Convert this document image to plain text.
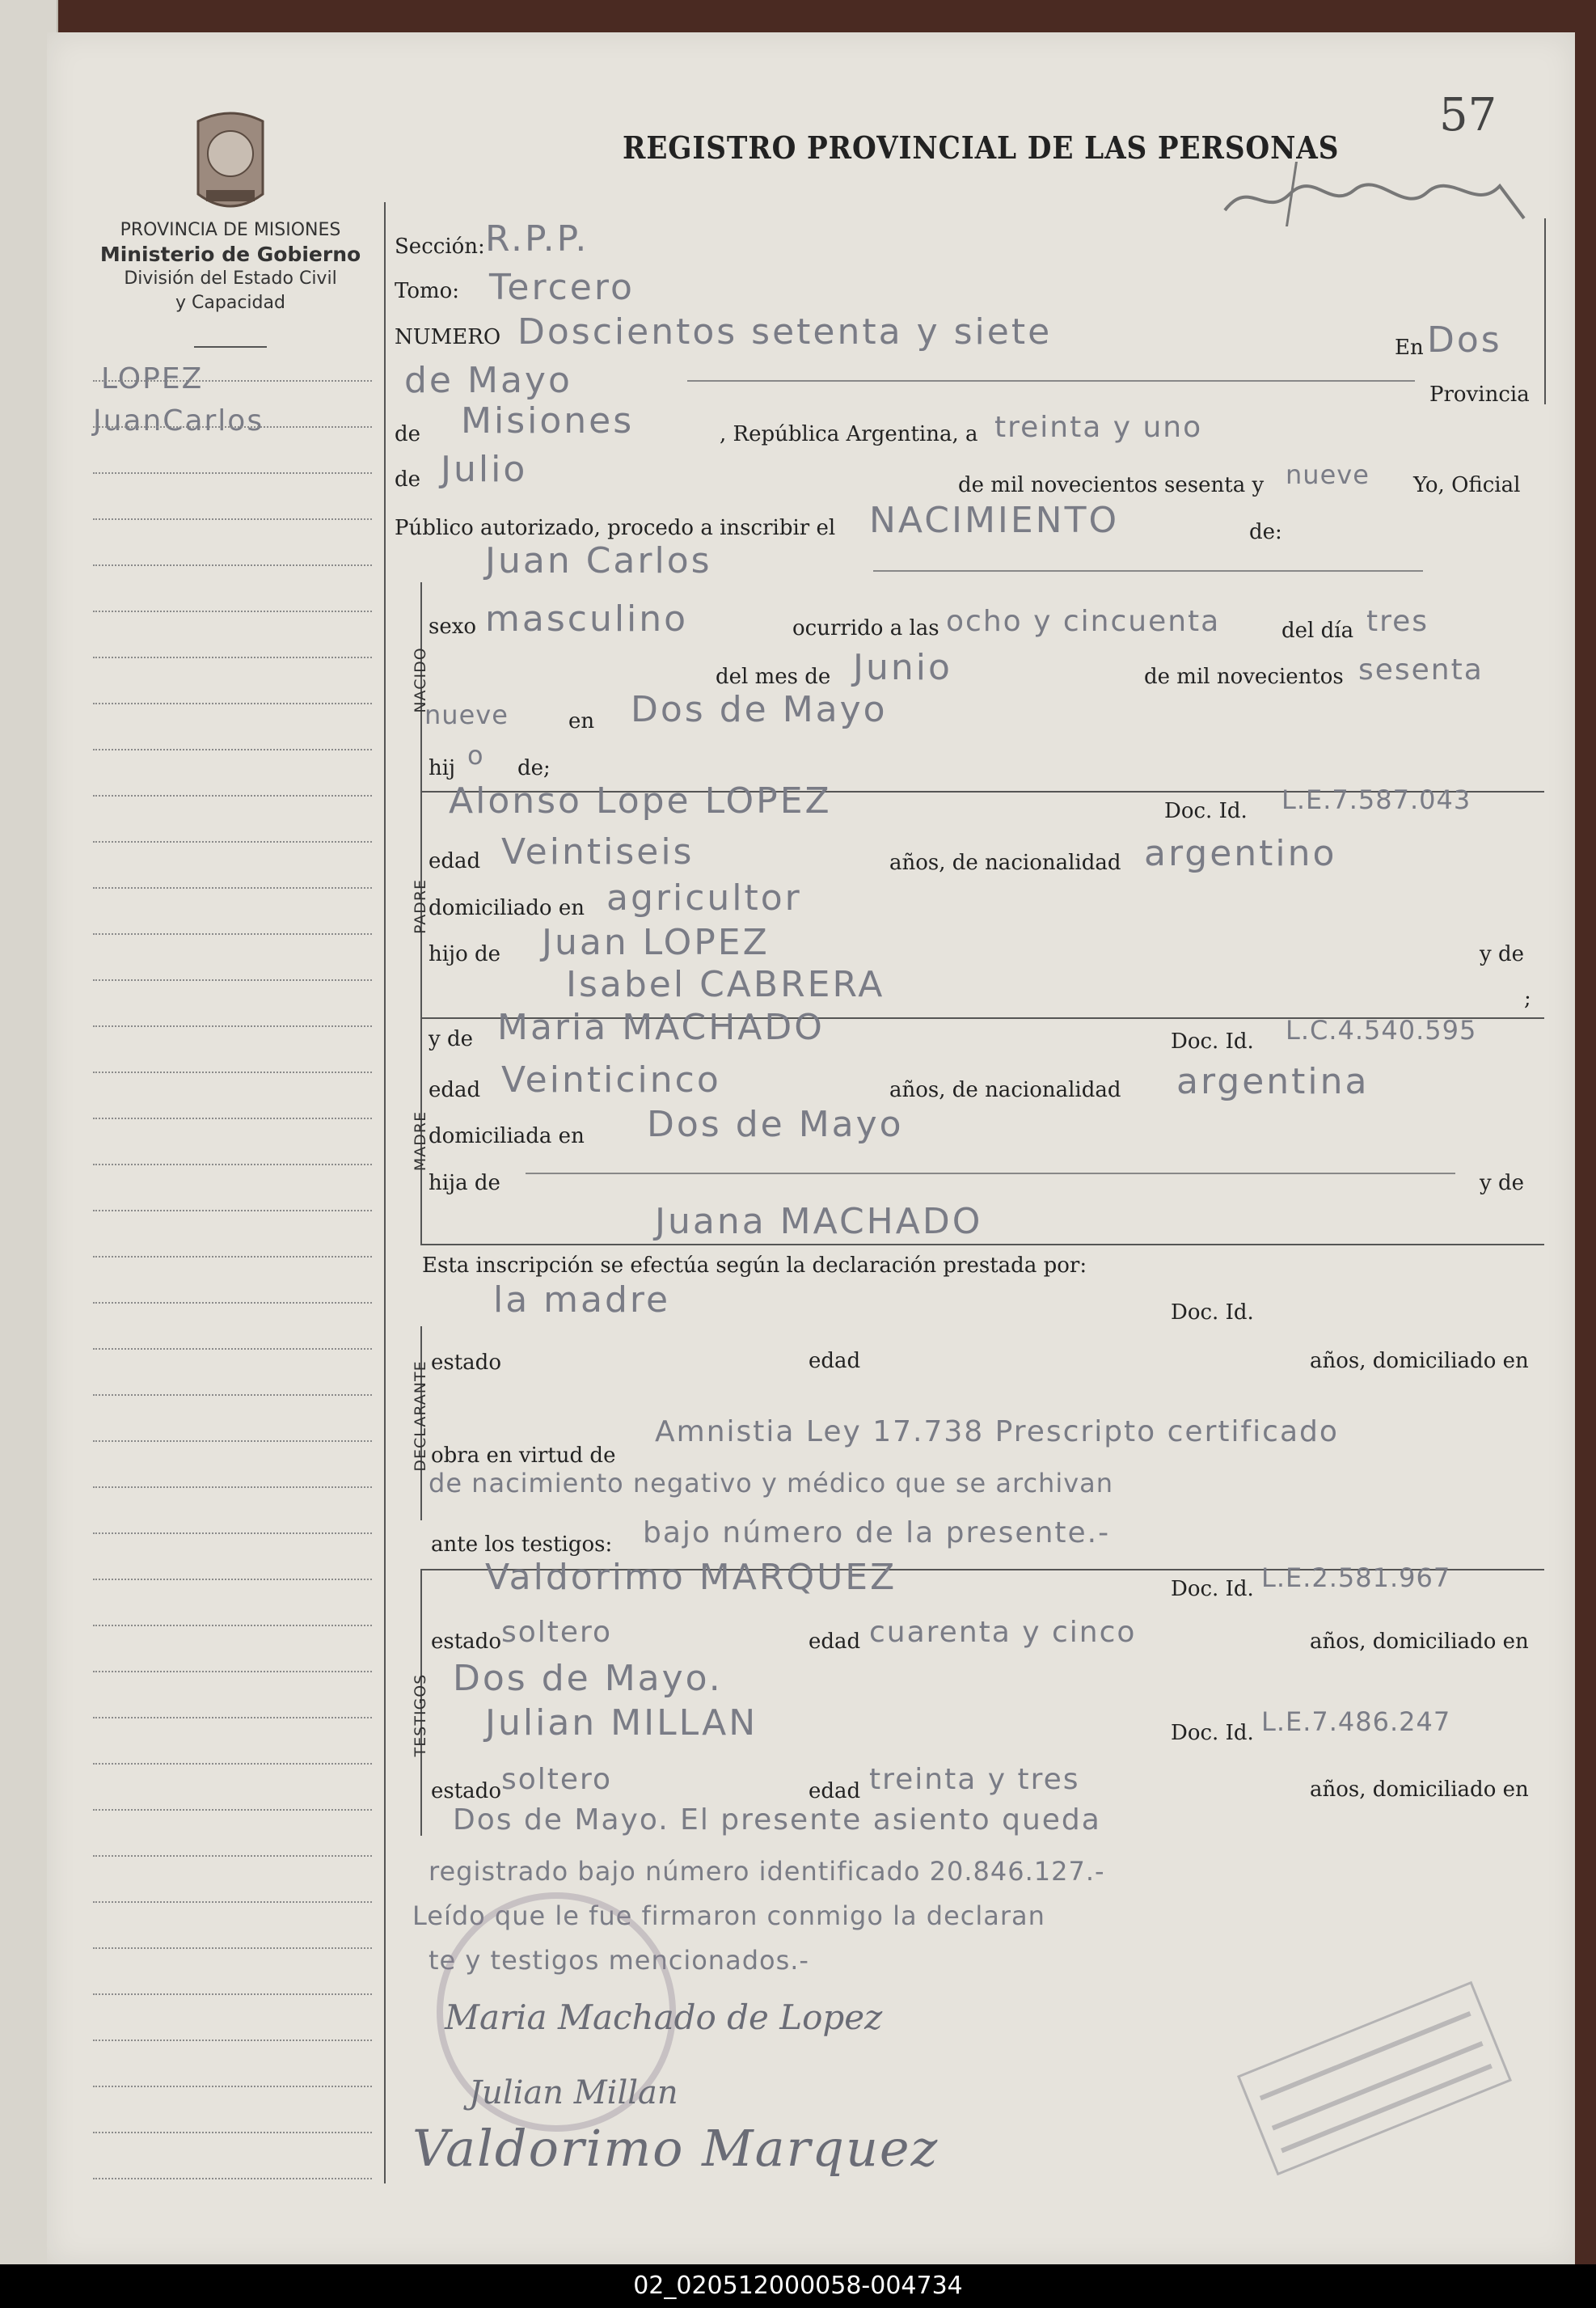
57
REGISTRO PROVINCIAL DE LAS PERSONAS
PROVINCIA DE MISIONES
Ministerio de Gobierno
División del Estado Civil
y Capacidad
LOPEZ
JuanCarlos
Sección: R.P.P.
Tomo: Tercero
NUMERO Doscientos setenta y siete	En Dos
de Mayo	Provincia
de Misiones	, República Argentina, a treinta y uno
de Julio	de mil novecientos sesenta y nueve Yo, Oficial
Público autorizado, procedo a inscribir el NACIMIENTO	de:
Juan Carlos
NACIDO
sexo masculino	ocurrido a las ocho y cincuenta	del día tres
del mes de Junio	de mil novecientos sesenta
nueve	en Dos de Mayo
hij o de;
PADRE
Alonso Lope LOPEZ	Doc. Id. L.E.7.587.043
edad Veintiseis	años, de nacionalidad argentino
domiciliado en agricultor
hijo de Juan LOPEZ	y de
Isabel CABRERA	;
MADRE
y de Maria MACHADO	Doc. Id. L.C.4.540.595
edad Veinticinco	años, de nacionalidad argentina
domiciliada en Dos de Mayo
hija de	y de
Juana MACHADO
Esta inscripción se efectúa según la declaración prestada por:
la madre	Doc. Id.
DECLARANTE estado	edad	años, domiciliado en
obra en virtud de
Amnistia Ley 17.738 Prescripto certificado
de nacimiento negativo y médico que se archivan
ante los testigos: bajo número de la presente.-
TESTIGOS
Valdorimo MARQUEZ	Doc. Id. L.E.2.581.967
estado soltero	edad cuarenta y cinco	años, domiciliado en
Dos de Mayo.
Julian MILLAN	Doc. Id. L.E.7.486.247
estado soltero	edad treinta y tres	años, domiciliado en
Dos de Mayo. El presente asiento queda
registrado bajo número identificado 20.846.127.-
Leído que le fue firmaron conmigo la declaran
te y testigos mencionados.-
Maria Machado de Lopez
Julian Millan
Valdorimo Marquez
02_020512000058-004734
